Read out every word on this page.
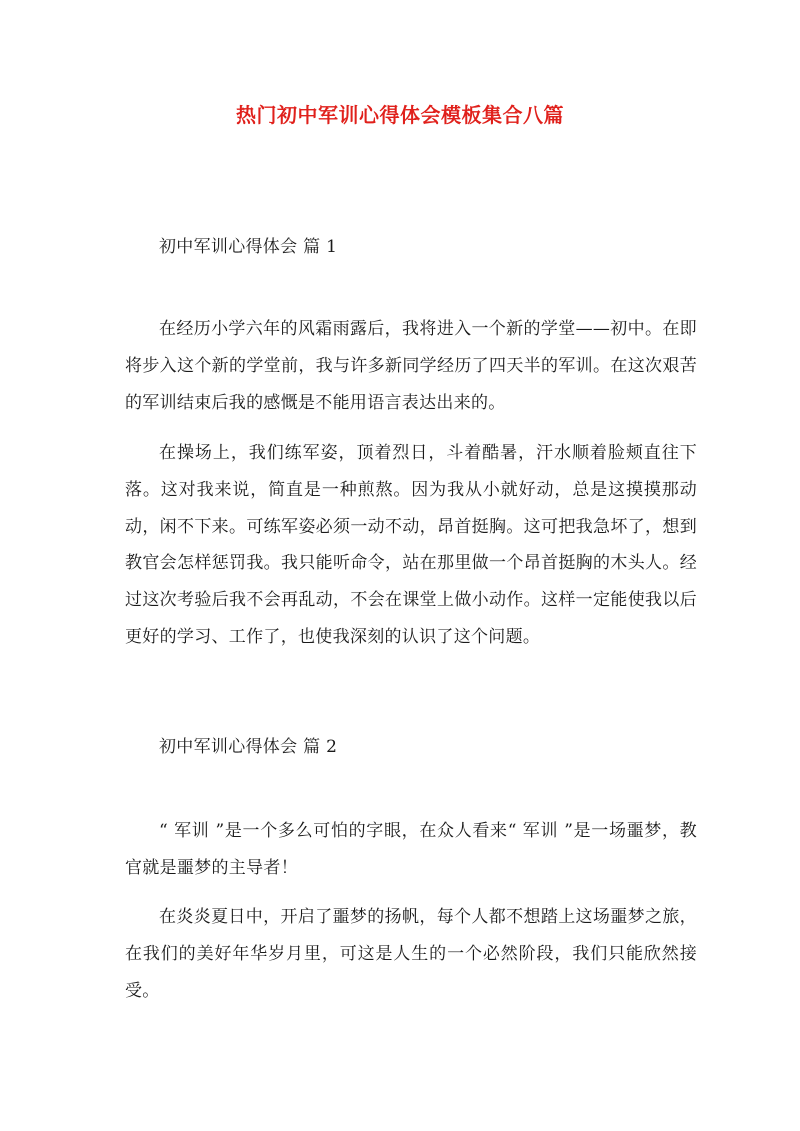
热门初中军训心得体会模板集合八篇

初中军训心得体会 篇 1

在经历小学六年的风霜雨露后，我将进入一个新的学堂——初中。在即将步入这个新的学堂前，我与许多新同学经历了四天半的军训。在这次艰苦的军训结束后我的感慨是不能用语言表达出来的。

在操场上，我们练军姿，顶着烈日，斗着酷暑，汗水顺着脸颊直往下落。这对我来说，简直是一种煎熬。因为我从小就好动，总是这摸摸那动动，闲不下来。可练军姿必须一动不动，昂首挺胸。这可把我急坏了，想到教官会怎样惩罚我。我只能听命令，站在那里做一个昂首挺胸的木头人。经过这次考验后我不会再乱动，不会在课堂上做小动作。这样一定能使我以后更好的学习、工作了，也使我深刻的认识了这个问题。

初中军训心得体会 篇 2

“ 军训 ”是一个多么可怕的字眼，在众人看来“ 军训 ”是一场噩梦，教官就是噩梦的主导者！

在炎炎夏日中，开启了噩梦的扬帆，每个人都不想踏上这场噩梦之旅，在我们的美好年华岁月里，可这是人生的一个必然阶段，我们只能欣然接受。
